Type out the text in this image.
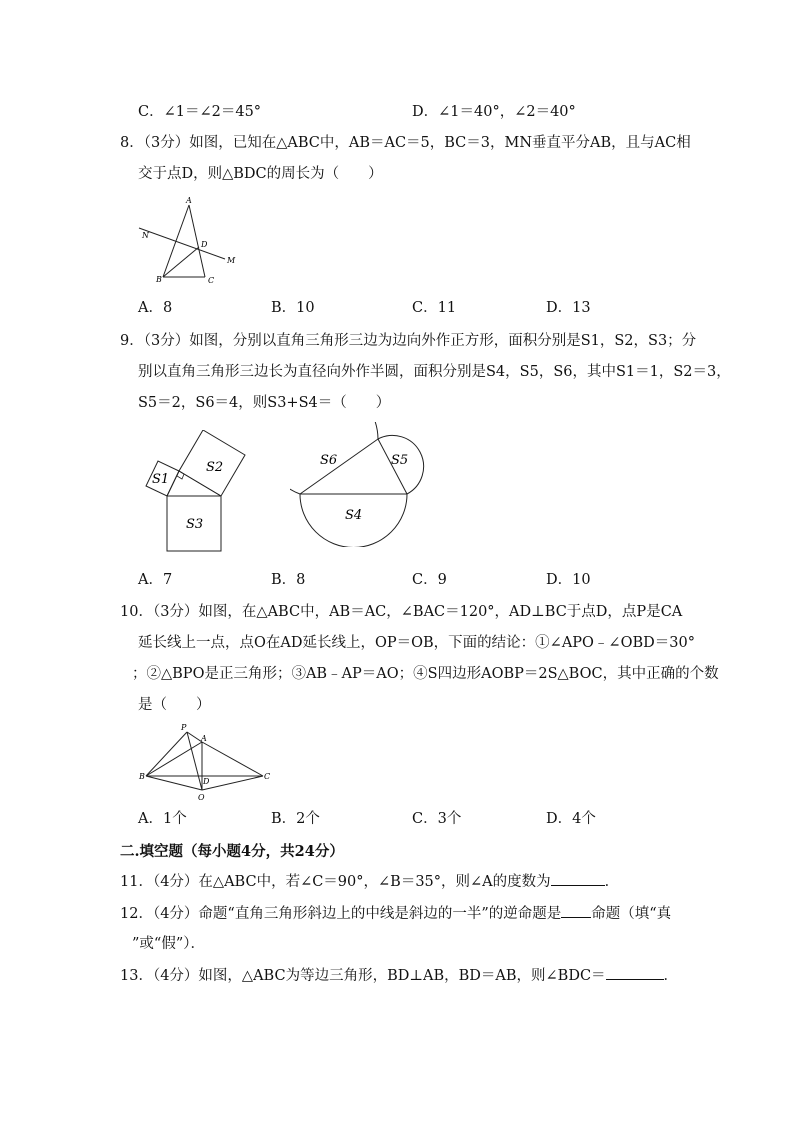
C．∠1＝∠2＝45°	D．∠1＝40°，∠2＝40°
8．（3分）如图，已知在△ABC中，AB＝AC＝5，BC＝3，MN垂直平分AB，且与AC相
交于点D，则△BDC的周长为（　　）
A
N
D
M
B	C
A．8	B．10	C．11	D．13
9．（3分）如图，分别以直角三角形三边为边向外作正方形，面积分别是S1，S2，S3；分
别以直角三角形三边长为直径向外作半圆，面积分别是S4，S5，S6，其中S1＝1，S2＝3，
S5＝2，S6＝4，则S3+S4＝（　　）
S1
S2
S3
S6	S5
S4
A．7	B．8	C．9	D．10
10．（3分）如图，在△ABC中，AB＝AC，∠BAC＝120°，AD⊥BC于点D，点P是CA
延长线上一点，点O在AD延长线上，OP＝OB，下面的结论：①∠APO﹣∠OBD＝30°
；②△BPO是正三角形；③AB﹣AP＝AO；④S四边形AOBP＝2S△BOC，其中正确的个数
是（　　）
P
A
B
D
C
O
A．1个	B．2个	C．3个	D．4个
二.填空题（每小题4分，共24分）
11．（4分）在△ABC中，若∠C＝90°，∠B＝35°，则∠A的度数为	．
12．（4分）命题“直角三角形斜边上的中线是斜边的一半”的逆命题是 命题（填“真
”或“假”）．
13．（4分）如图，△ABC为等边三角形，BD⊥AB，BD＝AB，则∠BDC＝	．
